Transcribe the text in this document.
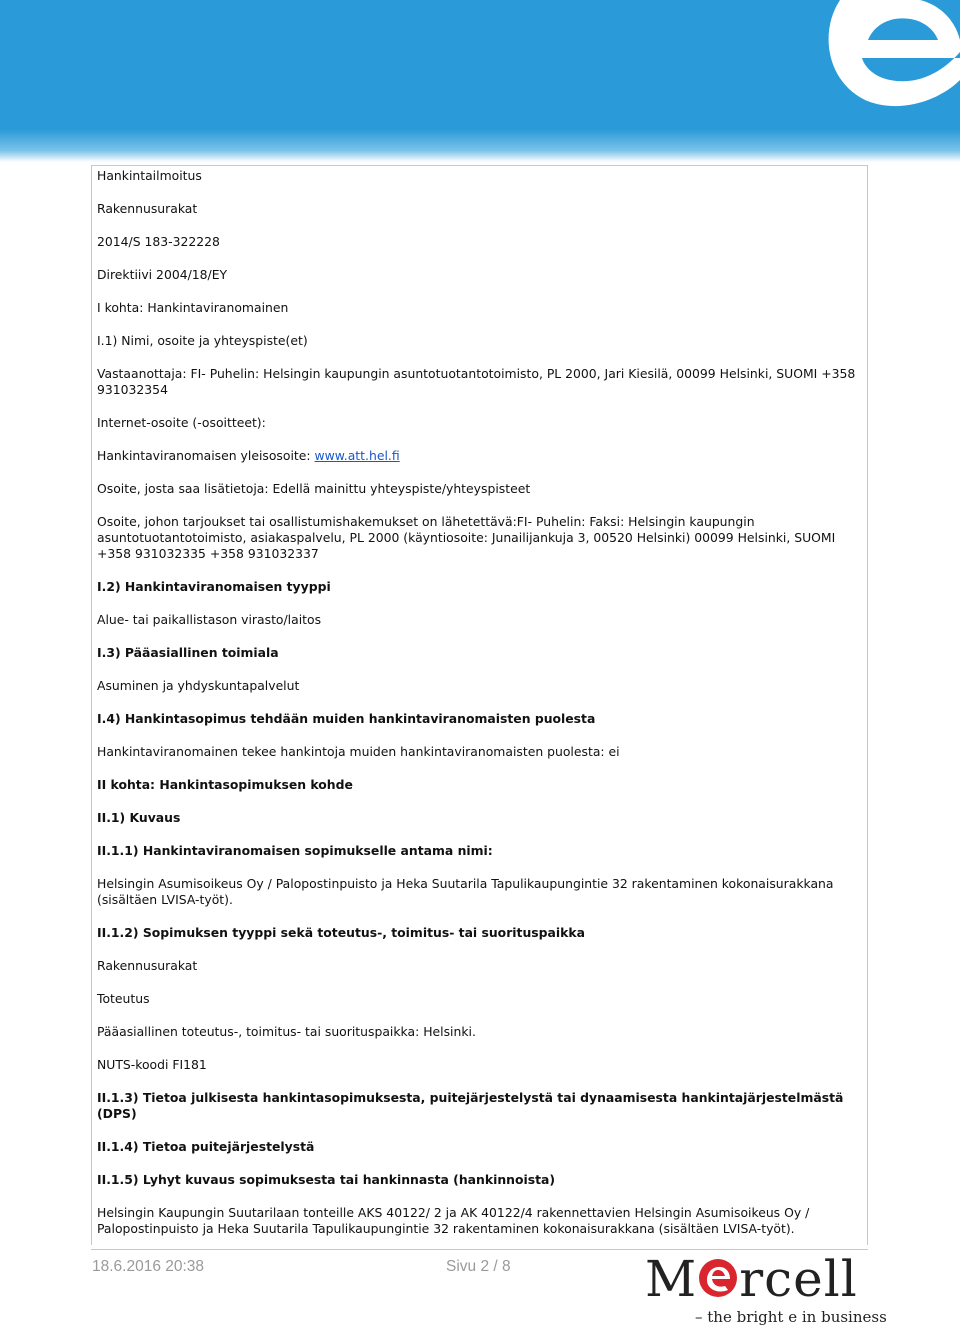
Hankintailmoitus
Rakennusurakat
2014/S 183-322228
Direktiivi 2004/18/EY
I kohta: Hankintaviranomainen
I.1) Nimi, osoite ja yhteyspiste(et)
Vastaanottaja: FI- Puhelin: Helsingin kaupungin asuntotuotantotoimisto, PL 2000, Jari Kiesilä, 00099 Helsinki, SUOMI +358 931032354
Internet-osoite (-osoitteet):
Hankintaviranomaisen yleisosoite: www.att.hel.fi
Osoite, josta saa lisätietoja: Edellä mainittu yhteyspiste/yhteyspisteet
Osoite, johon tarjoukset tai osallistumishakemukset on lähetettävä:FI- Puhelin: Faksi: Helsingin kaupungin asuntotuotantotoimisto, asiakaspalvelu, PL 2000 (käyntiosoite: Junailijankuja 3, 00520 Helsinki) 00099 Helsinki, SUOMI +358 931032335 +358 931032337
I.2) Hankintaviranomaisen tyyppi
Alue- tai paikallistason virasto/laitos
I.3) Pääasiallinen toimiala
Asuminen ja yhdyskuntapalvelut
I.4) Hankintasopimus tehdään muiden hankintaviranomaisten puolesta
Hankintaviranomainen tekee hankintoja muiden hankintaviranomaisten puolesta: ei
II kohta: Hankintasopimuksen kohde
II.1) Kuvaus
II.1.1) Hankintaviranomaisen sopimukselle antama nimi:
Helsingin Asumisoikeus Oy / Palopostinpuisto ja Heka Suutarila Tapulikaupungintie 32 rakentaminen kokonaisurakkana (sisältäen LVISA-työt).
II.1.2) Sopimuksen tyyppi sekä toteutus-, toimitus- tai suorituspaikka
Rakennusurakat
Toteutus
Pääasiallinen toteutus-, toimitus- tai suorituspaikka: Helsinki.
NUTS-koodi FI181
II.1.3) Tietoa julkisesta hankintasopimuksesta, puitejärjestelystä tai dynaamisesta hankintajärjestelmästä (DPS)
II.1.4) Tietoa puitejärjestelystä
II.1.5) Lyhyt kuvaus sopimuksesta tai hankinnasta (hankinnoista)
Helsingin Kaupungin Suutarilaan tonteille AKS 40122/ 2 ja AK 40122/4 rakennettavien Helsingin Asumisoikeus Oy / Palopostinpuisto ja Heka Suutarila Tapulikaupungintie 32 rakentaminen kokonaisurakkana (sisältäen LVISA-työt).
18.6.2016 20:38	Sivu 2 / 8	M rcell
– the bright e in business
